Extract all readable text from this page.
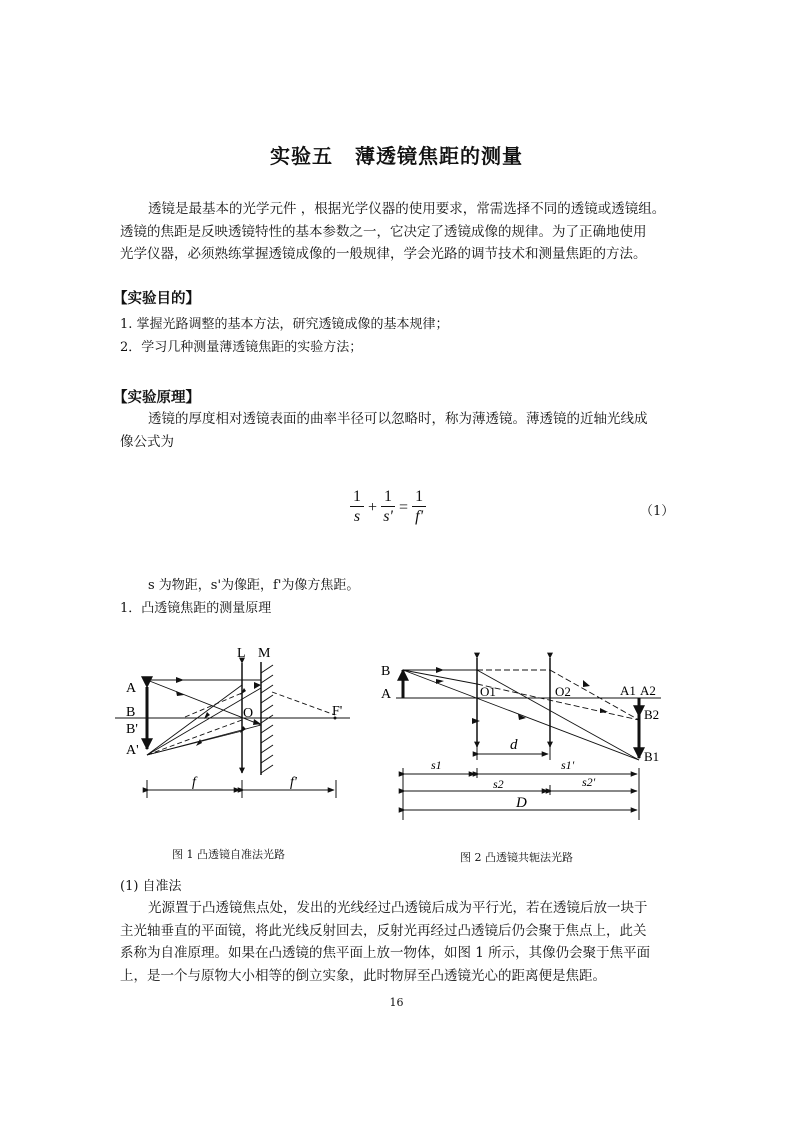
实验五 薄透镜焦距的测量

透镜是最基本的光学元件 ，根据光学仪器的使用要求，常需选择不同的透镜或透镜组。

透镜的焦距是反映透镜特性的基本参数之一，它决定了透镜成像的规律。为了正确地使用

光学仪器，必须熟练掌握透镜成像的一般规律，学会光路的调节技术和测量焦距的方法。

【实验目的】
1. 掌握光路调整的基本方法，研究透镜成像的基本规律；
2．学习几种测量薄透镜焦距的实验方法；
【实验原理】

透镜的厚度相对透镜表面的曲率半径可以忽略时，称为薄透镜。薄透镜的近轴光线成

像公式为

$\frac{1}{s} + \frac{1}{s'} = \frac{1}{f'}$	（1）
s 为物距，s'为像距，f'为像方焦距。
1．凸透镜焦距的测量原理
L M
A
B
B'
A'
O	F'
f	f'
B
A	O1	O2	A1 A2
B2
B1
d
s1	s1'
s2	s2'
D
图 1 凸透镜自准法光路	图 2 凸透镜共轭法光路
(1) 自准法

光源置于凸透镜焦点处，发出的光线经过凸透镜后成为平行光，若在透镜后放一块于

主光轴垂直的平面镜，将此光线反射回去，反射光再经过凸透镜后仍会聚于焦点上，此关

系称为自准原理。如果在凸透镜的焦平面上放一物体，如图 1 所示，其像仍会聚于焦平面

上，是一个与原物大小相等的倒立实象，此时物屏至凸透镜光心的距离便是焦距。

16
